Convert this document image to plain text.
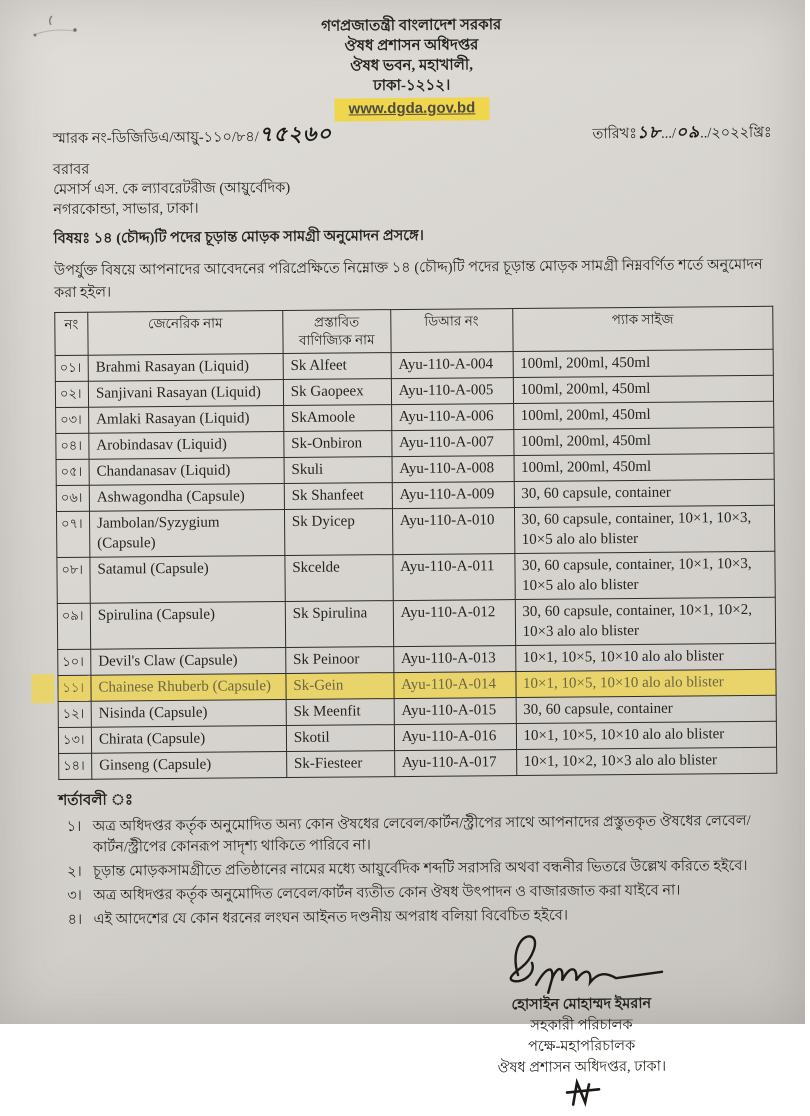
গণপ্রজাতন্ত্রী বাংলাদেশ সরকার
ঔষধ প্রশাসন অধিদপ্তর
ঔষধ ভবন, মহাখালী,
ঢাকা-১২১২।
www.dgda.gov.bd
স্মারক নং-ডিজিডিএ/আয়ু-১১০/৮৪/৭৫২৬০	তারিখঃ১৮.../০৯../২০২২খ্রিঃ
বরাবর
মেসার্স এস. কে ল্যাবরেটরীজ (আয়ুর্বেদিক)
নগরকোন্ডা, সাভার, ঢাকা।
বিষয়ঃ ১৪ (চৌদ্দ)টি পদের চূড়ান্ত মোড়ক সামগ্রী অনুমোদন প্রসঙ্গে।
উপর্যুক্ত বিষয়ে আপনাদের আবেদনের পরিপ্রেক্ষিতে নিম্নোক্ত ১৪ (চৌদ্দ)টি পদের চূড়ান্ত মোড়ক সামগ্রী নিম্নবর্ণিত শর্তে অনুমোদন করা হইল।
নং	জেনেরিক নাম	প্রস্তাবিত বাণিজ্যিক নাম	ডিআর নং	প্যাক সাইজ
০১।	Brahmi Rasayan (Liquid)	Sk Alfeet	Ayu-110-A-004	100ml, 200ml, 450ml
০২।	Sanjivani Rasayan (Liquid)	Sk Gaopeex	Ayu-110-A-005	100ml, 200ml, 450ml
০৩।	Amlaki Rasayan (Liquid)	SkAmoole	Ayu-110-A-006	100ml, 200ml, 450ml
০৪।	Arobindasav (Liquid)	Sk-Onbiron	Ayu-110-A-007	100ml, 200ml, 450ml
০৫।	Chandanasav (Liquid)	Skuli	Ayu-110-A-008	100ml, 200ml, 450ml
০৬।	Ashwagondha (Capsule)	Sk Shanfeet	Ayu-110-A-009	30, 60 capsule, container
০৭।	Jambolan/Syzygium (Capsule)	Sk Dyicep	Ayu-110-A-010	30, 60 capsule, container, 10×1, 10×3, 10×5 alo alo blister
০৮।	Satamul (Capsule)	Skcelde	Ayu-110-A-011	30, 60 capsule, container, 10×1, 10×3, 10×5 alo alo blister
০৯।	Spirulina (Capsule)	Sk Spirulina	Ayu-110-A-012	30, 60 capsule, container, 10×1, 10×2, 10×3 alo alo blister
১০।	Devil's Claw (Capsule)	Sk Peinoor	Ayu-110-A-013	10×1, 10×5, 10×10 alo alo blister
১১।	Chainese Rhuberb (Capsule)	Sk-Gein	Ayu-110-A-014	10×1, 10×5, 10×10 alo alo blister
১২।	Nisinda (Capsule)	Sk Meenfit	Ayu-110-A-015	30, 60 capsule, container
১৩।	Chirata (Capsule)	Skotil	Ayu-110-A-016	10×1, 10×5, 10×10 alo alo blister
১৪।	Ginseng (Capsule)	Sk-Fiesteer	Ayu-110-A-017	10×1, 10×2, 10×3 alo alo blister
শর্তাবলী ঃ
১। অত্র অধিদপ্তর কর্তৃক অনুমোদিত অন্য কোন ঔষধের লেবেল/কার্টন/স্ট্রীপের সাথে আপনাদের প্রস্তুতকৃত ঔষধের লেবেল/কার্টন/স্ট্রীপের কোনরূপ সাদৃশ্য থাকিতে পারিবে না।
২। চূড়ান্ত মোড়কসামগ্রীতে প্রতিষ্ঠানের নামের মধ্যে আয়ুর্বেদিক শব্দটি সরাসরি অথবা বন্ধনীর ভিতরে উল্লেখ করিতে হইবে।
৩। অত্র অধিদপ্তর কর্তৃক অনুমোদিত লেবেল/কার্টন ব্যতীত কোন ঔষধ উৎপাদন ও বাজারজাত করা যাইবে না।
৪। এই আদেশের যে কোন ধরনের লংঘন আইনত দণ্ডনীয় অপরাধ বলিয়া বিবেচিত হইবে।
হোসাইন মোহাম্মদ ইমরান
সহকারী পরিচালক
পক্ষে-মহাপরিচালক
ঔষধ প্রশাসন অধিদপ্তর, ঢাকা।
